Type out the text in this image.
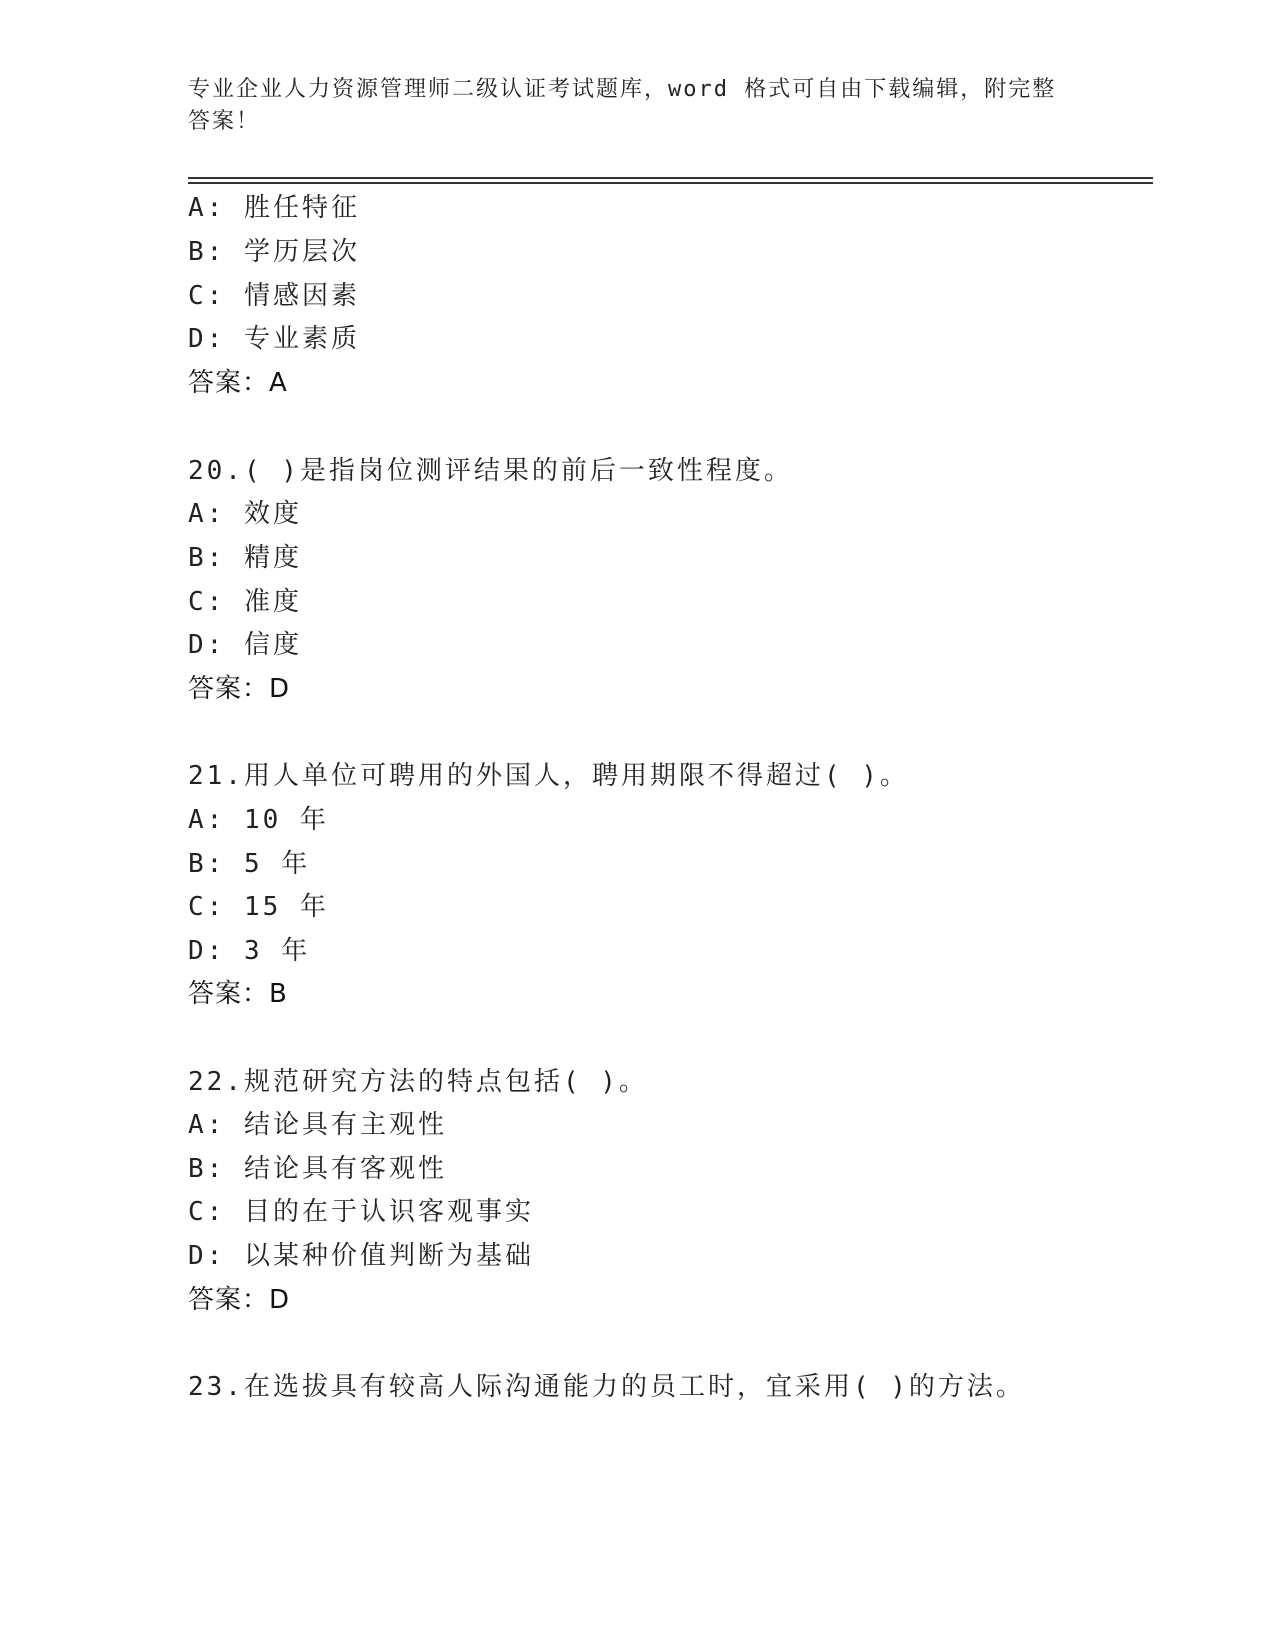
专业企业人力资源管理师二级认证考试题库，word 格式可自由下载编辑，附完整
答案！
A: 胜任特征
B: 学历层次
C: 情感因素
D: 专业素质
答案：A
20.( )是指岗位测评结果的前后一致性程度。
A: 效度
B: 精度
C: 准度
D: 信度
答案：D
21.用人单位可聘用的外国人，聘用期限不得超过( )。
A: 10 年
B: 5 年
C: 15 年
D: 3 年
答案：B
22.规范研究方法的特点包括( )。
A: 结论具有主观性
B: 结论具有客观性
C: 目的在于认识客观事实
D: 以某种价值判断为基础
答案：D
23.在选拔具有较高人际沟通能力的员工时，宜采用( )的方法。
